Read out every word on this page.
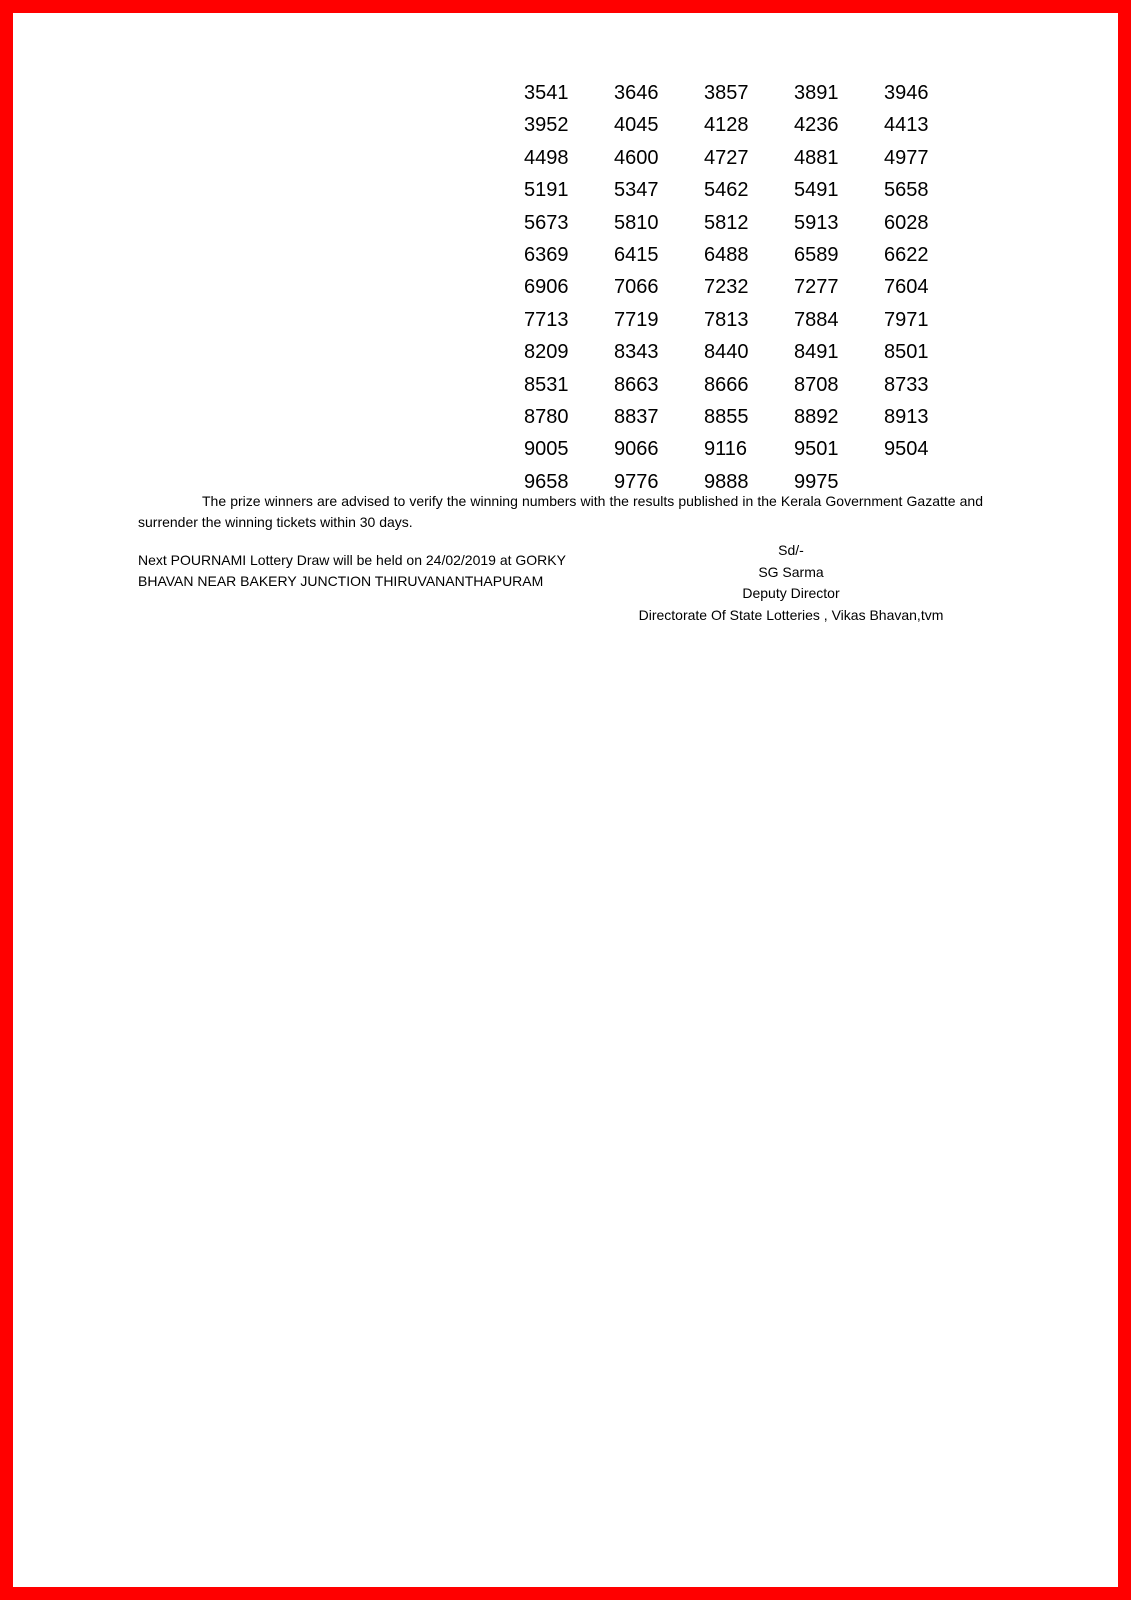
3541	3646	3857	3891	3946
3952	4045	4128	4236	4413
4498	4600	4727	4881	4977
5191	5347	5462	5491	5658
5673	5810	5812	5913	6028
6369	6415	6488	6589	6622
6906	7066	7232	7277	7604
7713	7719	7813	7884	7971
8209	8343	8440	8491	8501
8531	8663	8666	8708	8733
8780	8837	8855	8892	8913
9005	9066	9116	9501	9504
9658	9776	9888	9975

The prize winners are advised to verify the winning numbers with the results published in the Kerala Government Gazatte and surrender the winning tickets within 30 days.

Next POURNAMI Lottery Draw will be held on 24/02/2019 at GORKY BHAVAN NEAR BAKERY JUNCTION THIRUVANANTHAPURAM

Sd/-
SG Sarma
Deputy Director
Directorate Of State Lotteries , Vikas Bhavan,tvm
